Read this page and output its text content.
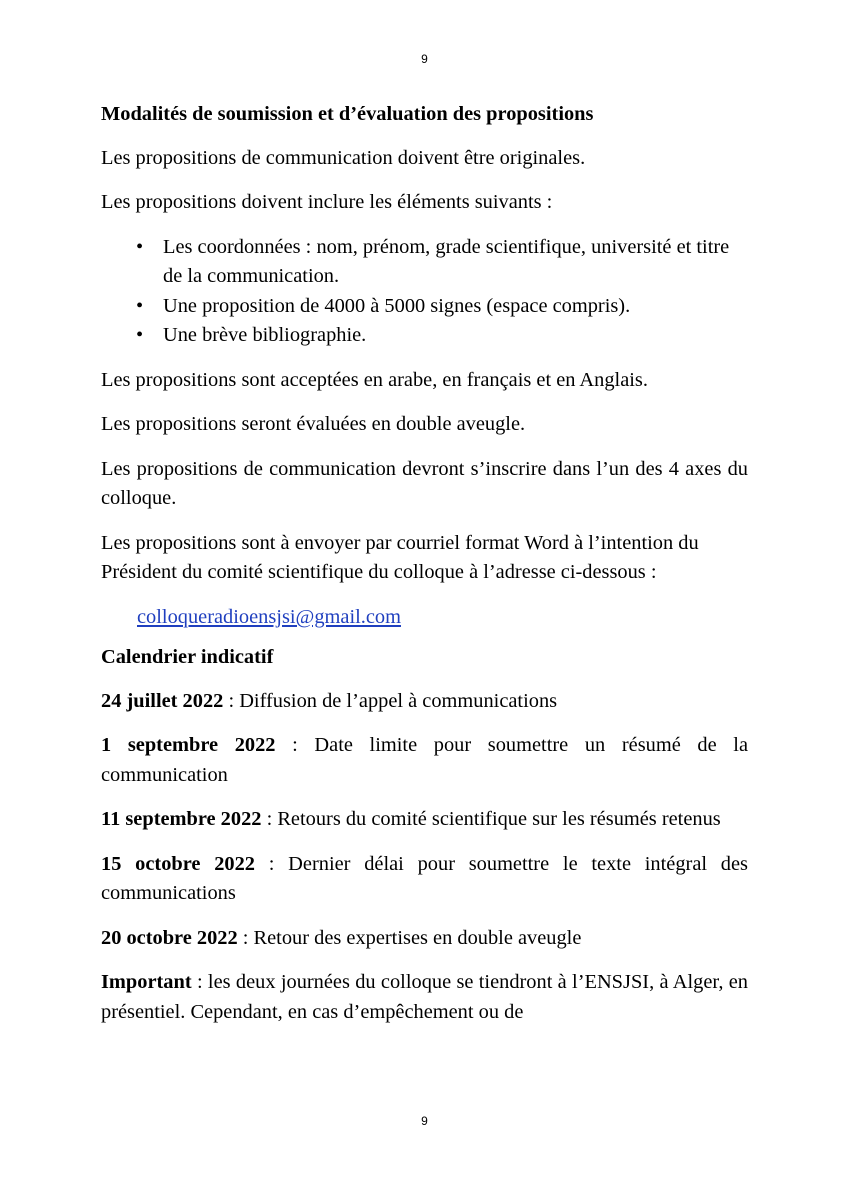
9
Modalités de soumission et d’évaluation des propositions

Les propositions de communication doivent être originales.

Les propositions doivent inclure les éléments suivants :

• Les coordonnées : nom, prénom, grade scientifique, université et titre de la communication.
• Une proposition de 4000 à 5000 signes (espace compris).
• Une brève bibliographie.

Les propositions sont acceptées en arabe, en français et en Anglais.

Les propositions seront évaluées en double aveugle.

Les propositions de communication devront s’inscrire dans l’un des 4 axes du colloque.

Les propositions sont à envoyer par courriel format Word à l’intention du Président du comité scientifique du colloque à l’adresse ci-dessous :

colloqueradioensjsi@gmail.com
Calendrier indicatif

24 juillet 2022 : Diffusion de l’appel à communications

1 septembre 2022 : Date limite pour soumettre un résumé de la communication

11 septembre 2022 : Retours du comité scientifique sur les résumés retenus

15 octobre 2022 : Dernier délai pour soumettre le texte intégral des communications

20 octobre 2022 : Retour des expertises en double aveugle

Important : les deux journées du colloque se tiendront à l’ENSJSI, à Alger, en présentiel. Cependant, en cas d’empêchement ou de

9
